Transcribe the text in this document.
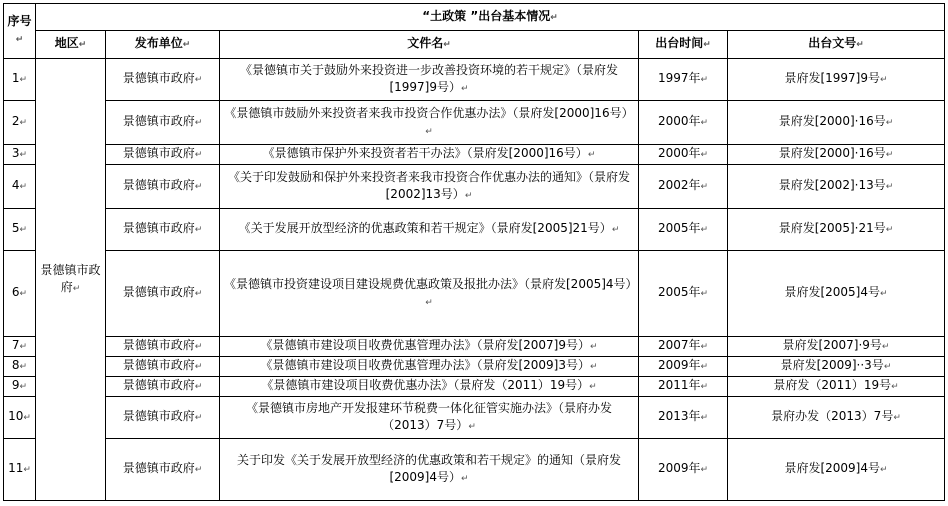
序号↵	“土政策 ”出台基本情况↵				
	地区↵	发布单位↵	文件名↵	出台时间↵	出台文号↵
1↵	景德镇市政府↵	景德镇市政府↵	《景德镇市关于鼓励外来投资进一步改善投资环境的若干规定》（景府发[1997]9号）↵	1997年↵	景府发[1997]9号↵
2↵		景德镇市政府↵	《景德镇市鼓励外来投资者来我市投资合作优惠办法》（景府发[2000]16号）↵	2000年↵	景府发[2000]·16号↵
3↵		景德镇市政府↵	《景德镇市保护外来投资者若干办法》（景府发[2000]16号）↵	2000年↵	景府发[2000]·16号↵
4↵		景德镇市政府↵	《关于印发鼓励和保护外来投资者来我市投资合作优惠办法的通知》（景府发[2002]13号）↵	2002年↵	景府发[2002]·13号↵
5↵		景德镇市政府↵	《关于发展开放型经济的优惠政策和若干规定》（景府发[2005]21号）↵	2005年↵	景府发[2005]·21号↵
6↵		景德镇市政府↵	《景德镇市投资建设项目建设规费优惠政策及报批办法》（景府发[2005]4号）↵	2005年↵	景府发[2005]4号↵
7↵		景德镇市政府↵	《景德镇市建设项目收费优惠管理办法》（景府发[2007]9号）↵	2007年↵	景府发[2007]·9号↵
8↵		景德镇市政府↵	《景德镇市建设项目收费优惠管理办法》（景府发[2009]3号）↵	2009年↵	景府发[2009]··3号↵
9↵		景德镇市政府↵	《景德镇市建设项目收费优惠办法》（景府发（2011）19号）↵	2011年↵	景府发（2011）19号↵
10↵		景德镇市政府↵	《景德镇市房地产开发报建环节税费一体化征管实施办法》（景府办发（2013）7号）↵	2013年↵	景府办发（2013）7号↵
11↵		景德镇市政府↵	关于印发《关于发展开放型经济的优惠政策和若干规定》的通知（景府发[2009]4号）↵	2009年↵	景府发[2009]4号↵
